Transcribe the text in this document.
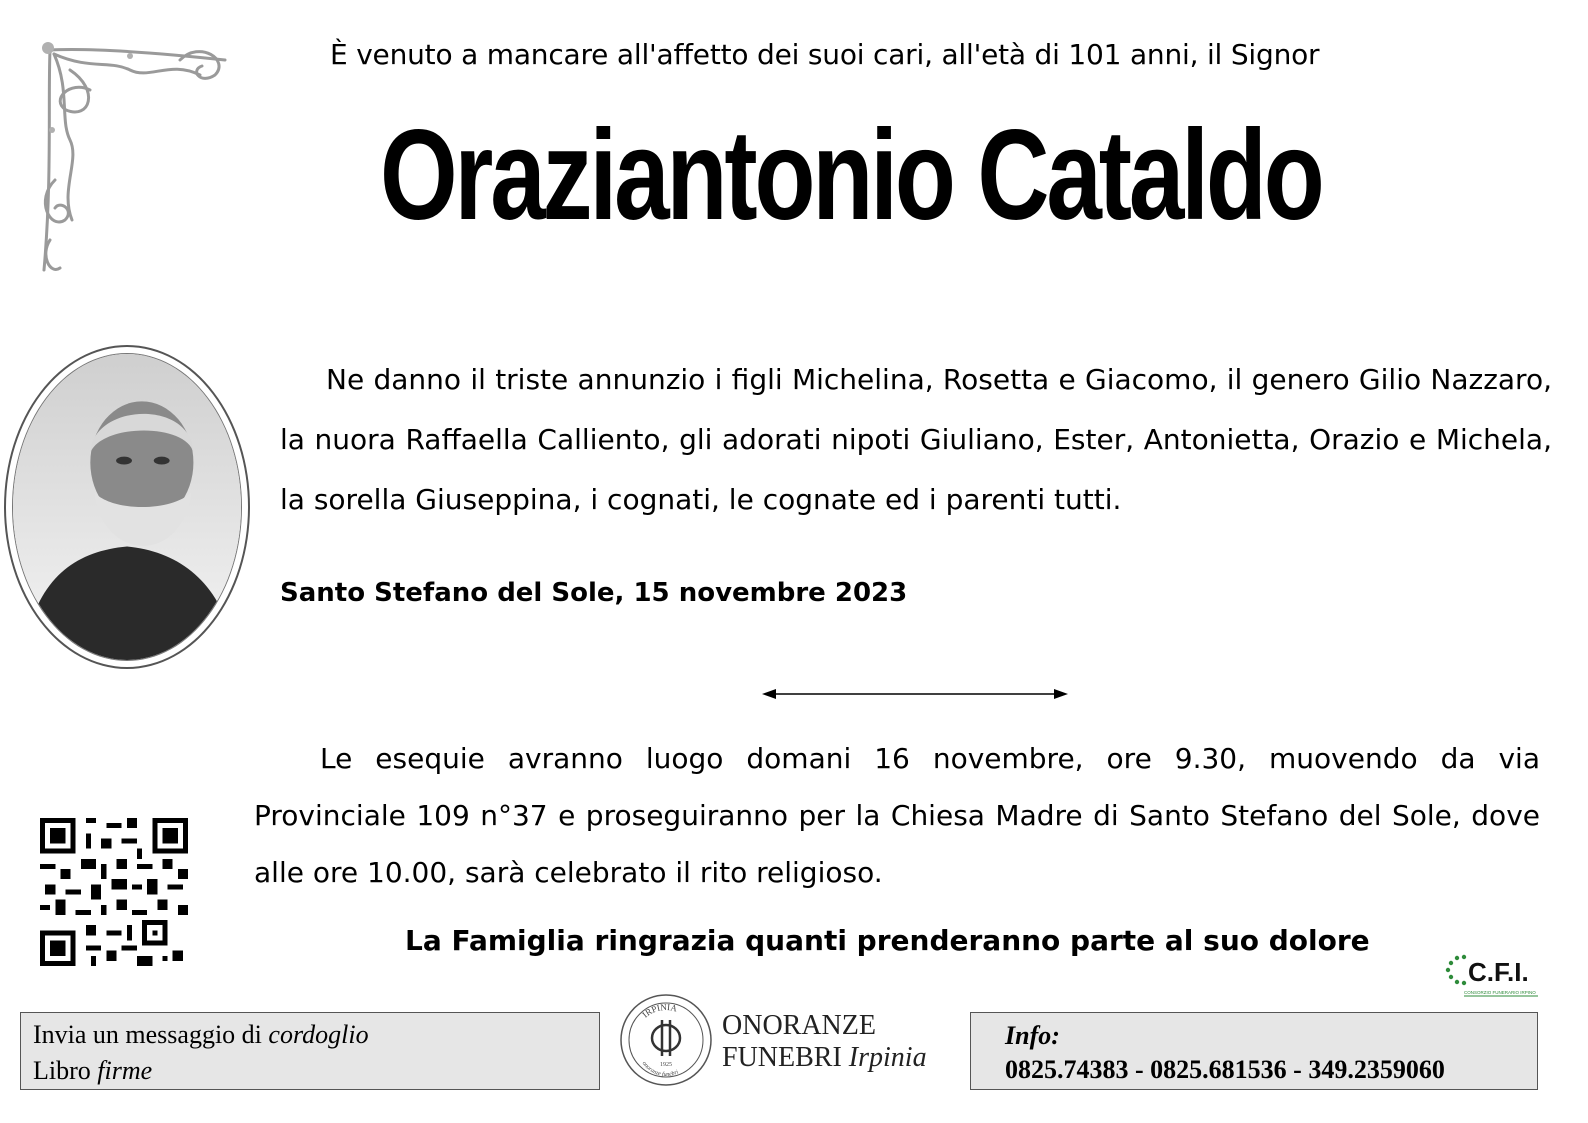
È venuto a mancare all'affetto dei suoi cari, all'età di 101 anni, il Signor
Oraziantonio Cataldo

Ne danno il triste annunzio i figli Michelina, Rosetta e Giacomo, il genero Gilio Nazzaro, la nuora Raffaella Calliento, gli adorati nipoti Giuliano, Ester, Antonietta, Orazio e Michela, la sorella Giuseppina, i cognati, le cognate ed i parenti tutti.

Santo Stefano del Sole, 15 novembre 2023

Le esequie avranno luogo domani 16 novembre, ore 9.30, muovendo da via Provinciale 109 n°37 e proseguiranno per la Chiesa Madre di Santo Stefano del Sole, dove alle ore 10.00, sarà celebrato il rito religioso.

La Famiglia ringrazia quanti prenderanno parte al suo dolore
C.F.I.
CONSORZIO FUNERARIO IRPINO
Invia un messaggio di cordoglio
Libro firme
IRPINIA
onoranze funebri
1925
ONORANZE
FUNEBRI Irpinia
Info:
0825.74383 - 0825.681536 - 349.2359060
